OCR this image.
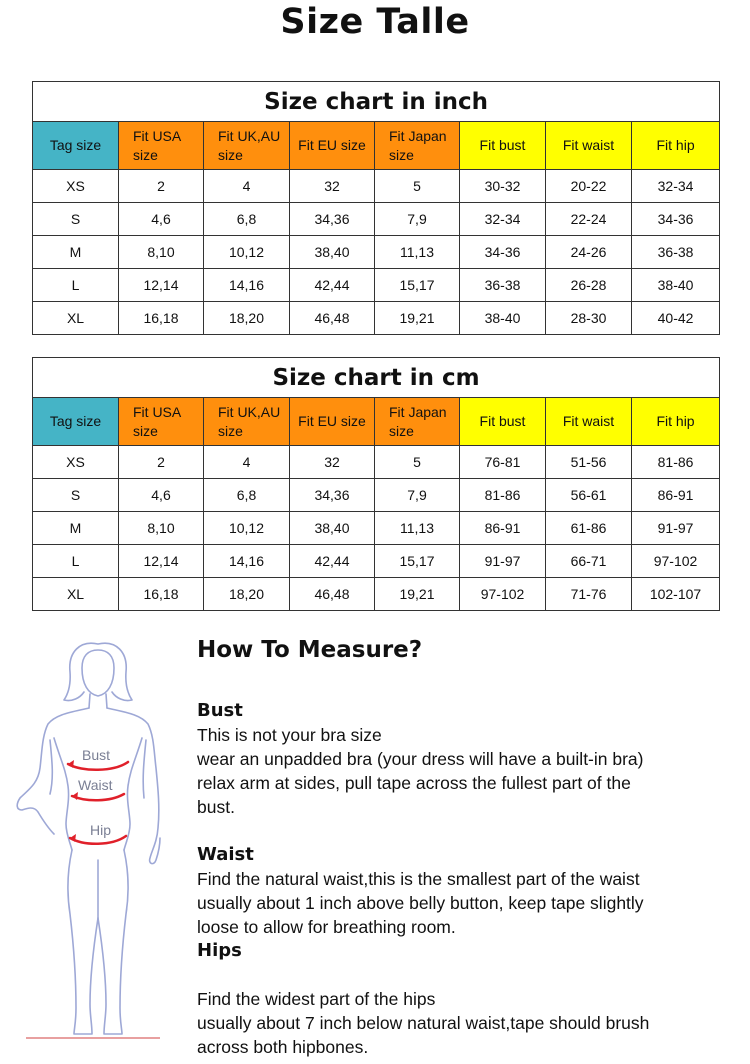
Size Talle
Size chart in inch							
Tag size	Fit USA size	Fit UK,AU size	Fit EU size	Fit Japan size	Fit bust	Fit waist	Fit hip
XS	2	4	32	5	30-32	20-22	32-34
S	4,6	6,8	34,36	7,9	32-34	22-24	34-36
M	8,10	10,12	38,40	11,13	34-36	24-26	36-38
L	12,14	14,16	42,44	15,17	36-38	26-28	38-40
XL	16,18	18,20	46,48	19,21	38-40	28-30	40-42
Size chart in cm							
Tag size	Fit USA size	Fit UK,AU size	Fit EU size	Fit Japan size	Fit bust	Fit waist	Fit hip
XS	2	4	32	5	76-81	51-56	81-86
S	4,6	6,8	34,36	7,9	81-86	56-61	86-91
M	8,10	10,12	38,40	11,13	86-91	61-86	91-97
L	12,14	14,16	42,44	15,17	91-97	66-71	97-102
XL	16,18	18,20	46,48	19,21	97-102	71-76	102-107
Bust
Waist
Hip
How To Measure?
Bust
This is not your bra size
wear an unpadded bra (your dress will have a built-in bra)
relax arm at sides, pull tape across the fullest part of the
bust.
Waist
Find the natural waist,this is the smallest part of the waist
usually about 1 inch above belly button, keep tape slightly
loose to allow for breathing room.
Hips
Find the widest part of the hips
usually about 7 inch below natural waist,tape should brush
across both hipbones.
